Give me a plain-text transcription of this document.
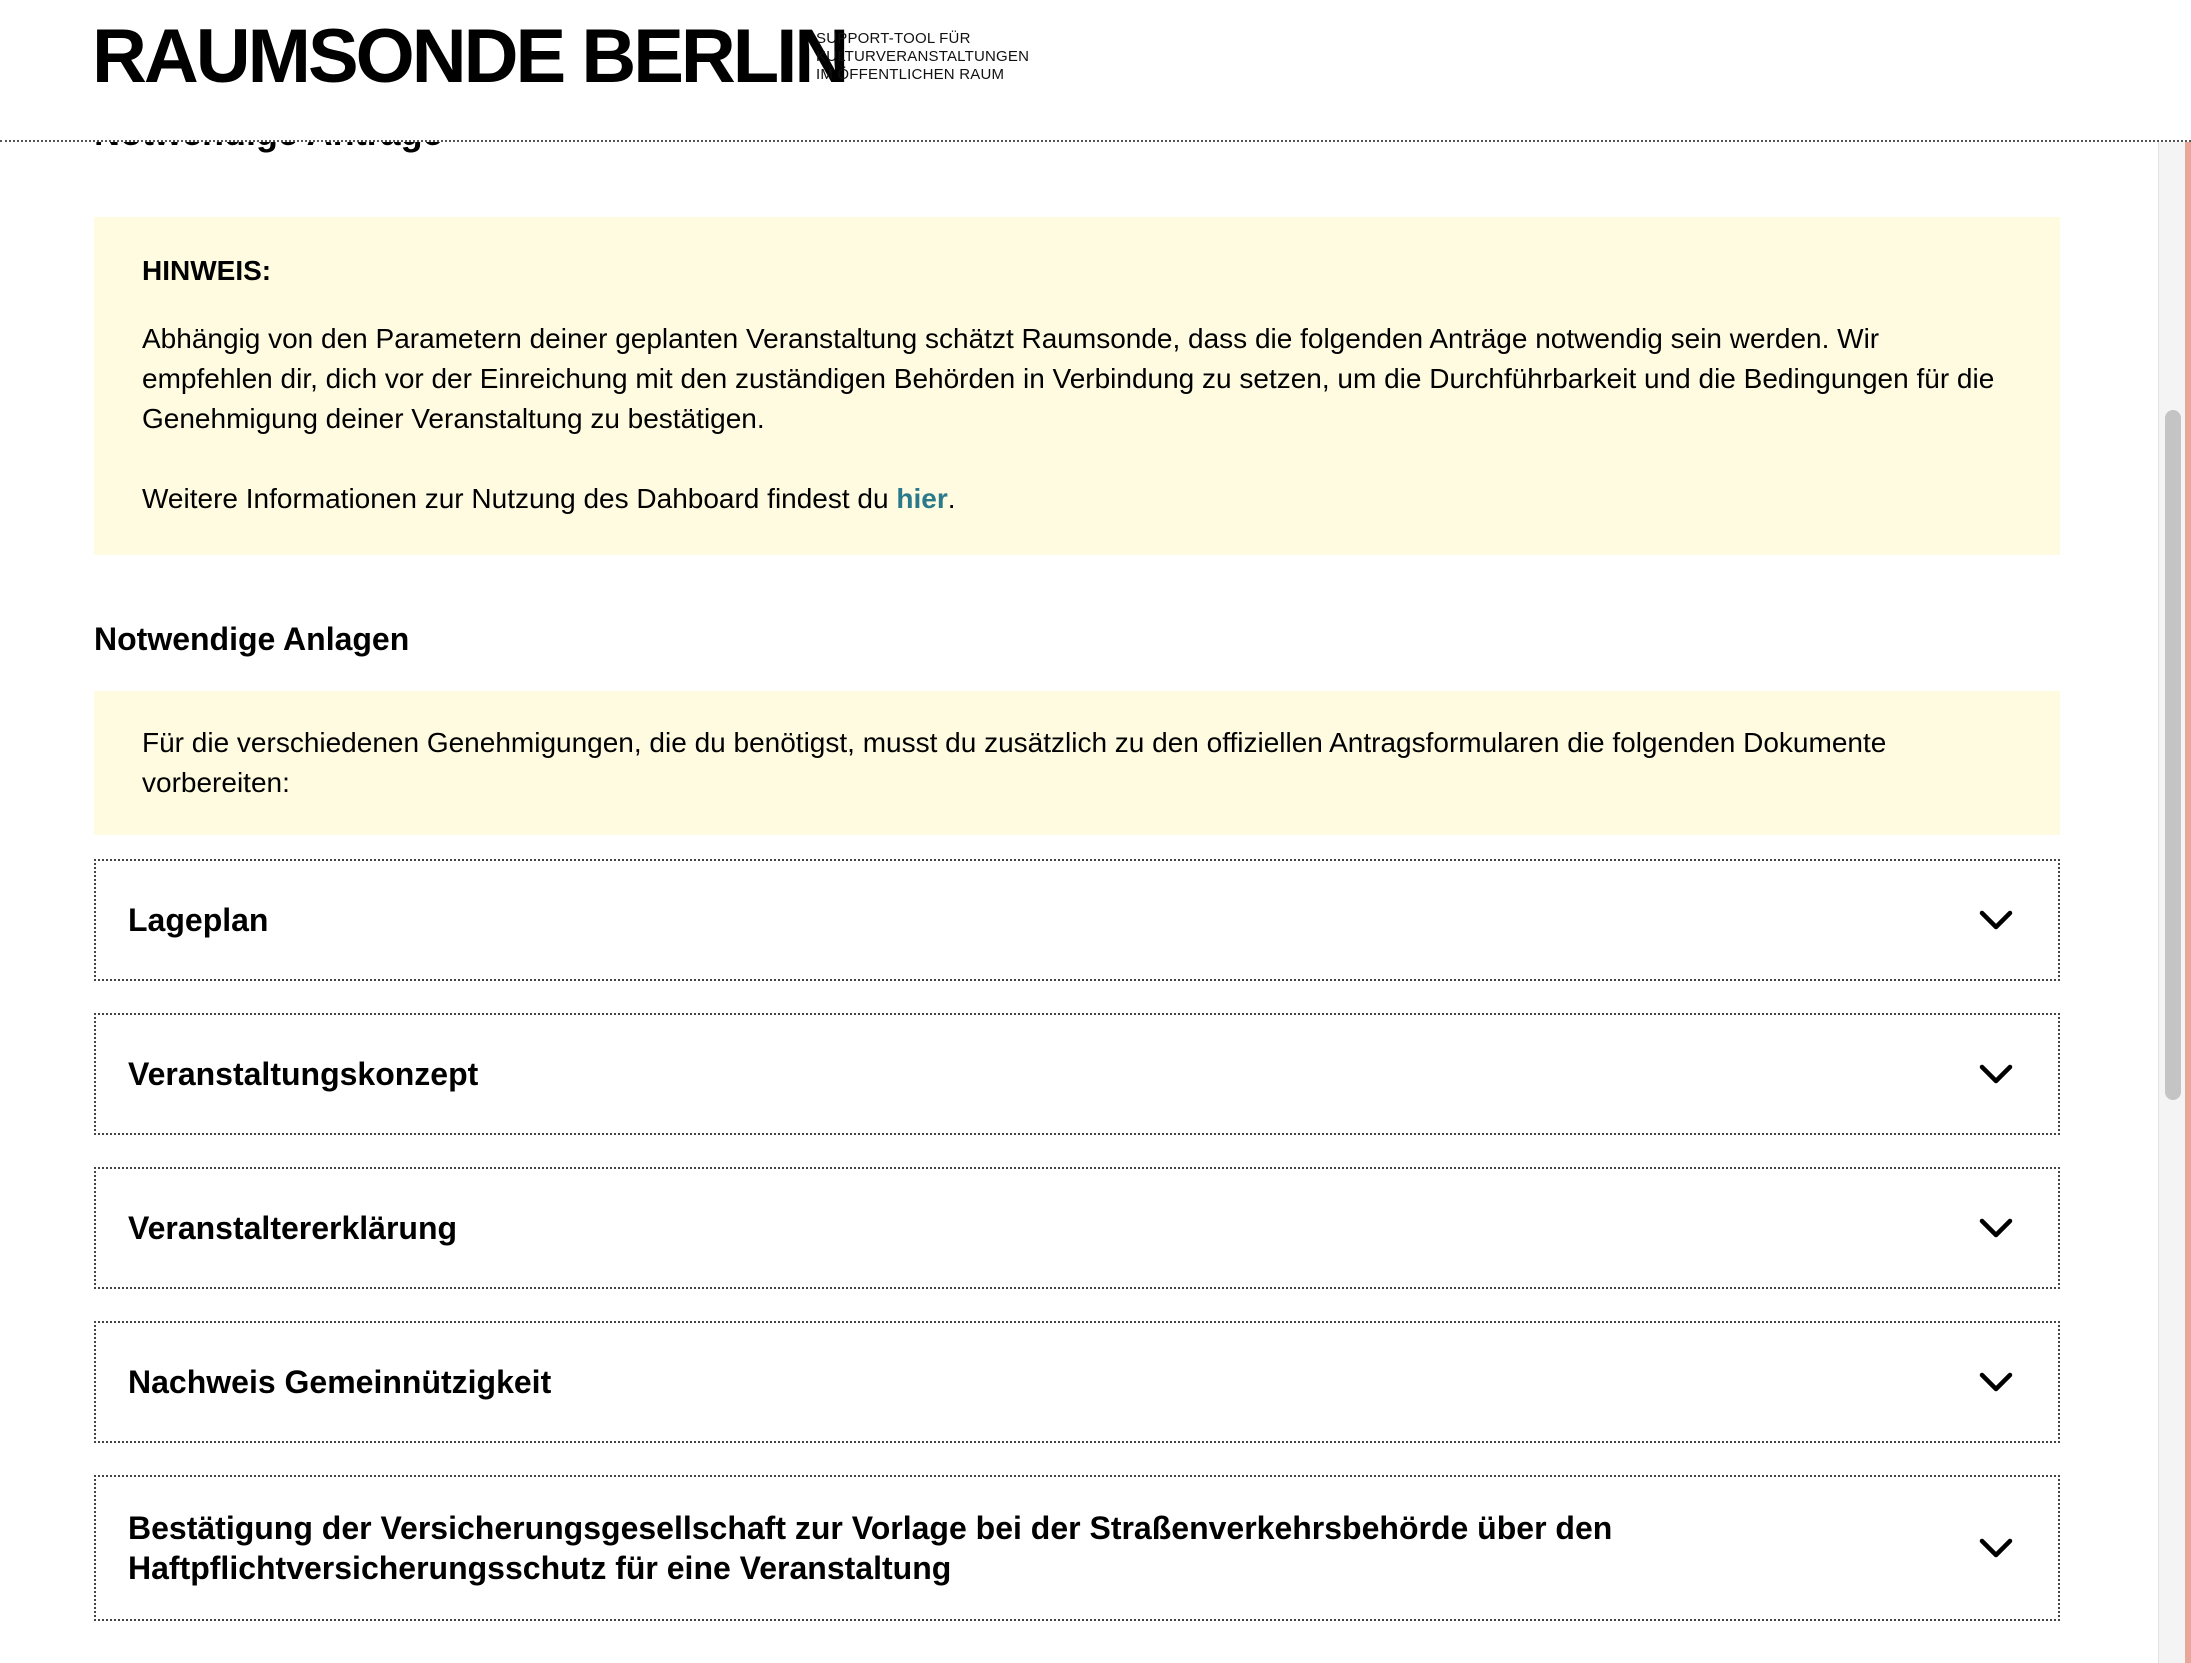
RAUMSONDE BERLIN
SUPPORT-TOOL FÜR
KULTURVERANSTALTUNGEN
IM ÖFFENTLICHEN RAUM

HINWEIS:

Abhängig von den Parametern deiner geplanten Veranstaltung schätzt Raumsonde, dass die folgenden Anträge notwendig sein werden. Wir empfehlen dir, dich vor der Einreichung mit den zuständigen Behörden in Verbindung zu setzen, um die Durchführbarkeit und die Bedingungen für die Genehmigung deiner Veranstaltung zu bestätigen.

Weitere Informationen zur Nutzung des Dahboard findest du hier.

Notwendige Anlagen

Für die verschiedenen Genehmigungen, die du benötigst, musst du zusätzlich zu den offiziellen Antragsformularen die folgenden Dokumente vorbereiten:

Lageplan
Veranstaltungskonzept
Veranstaltererklärung
Nachweis Gemeinnützigkeit
Bestätigung der Versicherungsgesellschaft zur Vorlage bei der Straßenverkehrsbehörde über den Haftpflichtversicherungsschutz für eine Veranstaltung
